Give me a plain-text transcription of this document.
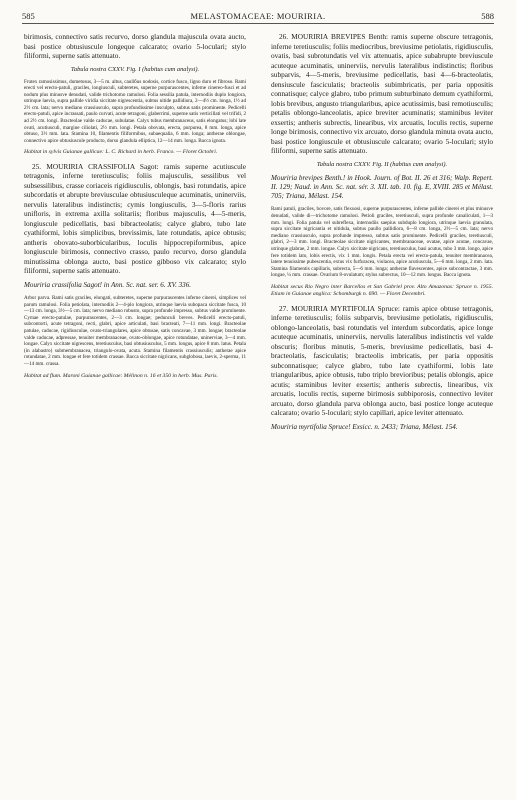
585	MELASTOMACEAE: MOURIRIA.	588

birimosis, connectivo satis recurvo, dorso glandula majuscula ovata aucto, basi postice obtusiuscule longeque calcarato; ovario 5-loculari; stylo filiformi, superne satis attenuato.

Tabula nostra CXXV. Fig. I (habitus cum analysi).

Frutex ramosissimus, dumetosus, 3—5 m. altus, cauliбus nodosis, cortice fusco, ligno duro et fibroso. Rami erecti vel erecto-patuli, graciles, longiusculi, subteretes, superne purpurascentes, inferne cinereo-fusci et ad nodum plus minusve denudati, valide trichotomo ramulosi. Folia sessilia patula, internodiis duplo longiora, utrinque laevia, supra pallide viridia siccitate nigrescentia, subtus nitide pallidiora, 2—4½ cm. longa, 1½ ad 2½ cm. lata; nervo mediano crassiusculo, supra profundissime insculpto, subtus satis prominente. Pedicelli erecto-patuli, apice incrassati, paulo curvati, acute tetragoni, glaberrimi, superne satis verticillati vel trifidi, 2 ad 2½ cm. longi. Bracteolae valde caducae, subulatae. Calyx tubus membranaceus, satis elongatus; lobi late ovati, acutiusculi, margine ciliolati, 2½ mm. longi. Petala obovata, erecta, purpurea, 8 mm. longa, apice obtuso, 3½ mm. lata. Stamina 10, filamentis filiformibus, subaequalia, 6 mm. longa; antherae oblongae, connectivo apice obtusiuscule producto, dorso glandula elliptica, 12—14 mm. longa. Bacca ignota.

Habitat in sylvis Guianae gallicae: L. C. Richard in herb. Franco. — Floret Octobri.

25. MOURIRIA CRASSIFOLIA Sagot: ramis superne acutiuscule tetragonis, inferne teretiusculis; foliis majusculis, sessilibus vel subsessilibus, crasse coriaceis rigidiusculis, oblongis, basi rotundatis, apice subcordatis et abrupte breviusculae obtusiusculeque acuminatis, uninerviis, nervulis lateralibus indistinctis; cymis longiusculis, 3—5-floris rarius unifloris, in extrema axilla solitariis; floribus majusculis, 4—5-meris, longiuscule pedicellatis, basi bibracteolatis; calyce glabro, tubo late cyathiformi, lobis simplicibus, brevissimis, late rotundatis, apice obtusis; antheris obovato-suborbicularibus, loculis hippocrepiformibus, apice longiuscule birimosis, connectivo crasso, paulo recurvo, dorso glandula minutissima oblonga aucto, basi postice gibboso vix calcarato; stylo filiformi, superne satis attenuato.

Mouriria crassifolia Sagot! in Ann. Sc. nat. ser. 6. XV. 336.

Arbor parva. Rami satis graciles, elongati, subteretes, superne purpurascentes inferne cinerei, simplices vel parum ramulosi. Folia petiolata, internodiis 2—4-plo longiora, utrinque laevia subopaca siccitate fusca, 10—13 cm. longa, 3½—5 cm. lata; nervo mediano robusto, supra profunde impresso, subtus valde prominente. Cymae erecto-patulae, purpurascentes, 2—3 cm. longae; pedunculi breves. Pedicelli erecto-patuli, subcontorti, acute tetragoni, recti, glabri, apice articulati, basi bracteati, 7—11 mm. longi. Bracteolae patulae, caducae, rigidiusculae, ovato-triangulares, apice obtusae, satis concavae, 3 mm. longae; bracteolae valde caducae, adpressae, tenuiter membranaceae, ovato-oblongae, apice rotundatae, uninerviae, 3—4 mm. longae. Calyx siccitate nigrescens, teretiusculus, basi obtusiusculus, 5 mm. longus, apice 8 mm. latus. Petala (in alabastro) submembranacea, triangulo-ovata, acuta. Stamina filamentis crassiusculis; antherae apice rotundatae, 2 mm. longae et fere totidem crassae. Bacca siccitate nigricans, subglobosa, laevis, 2-sperma, 11—14 mm. crassa.

Habitat ad flum. Maroni Guianae gallicae: Mélinon n. 16 et 350 in herb. Mus. Paris.

26. MOURIRIA BREVIPES Benth: ramis superne obscure tetragonis, inferne teretiusculis; foliis mediocribus, breviusime petiolatis, rigidiusculis, ovatis, basi subrotundatis vel vix attenuatis, apice subabrupte breviuscule acuteque acuminatis, uninerviis, nervulis lateralibus indistinctis; floribus subparvis, 4—5-meris, breviusime pedicellatis, basi 4—6-bracteolatis, densiuscule fasciculatis; bracteolis subimbricatis, per paria oppositis connatisque; calyce glabro, tubo primum subturbinato demum cyathiformi, lobis brevibus, angusto triangularibus, apice acutissimis, basi remotiusculis; petalis oblongo-lanceolatis, apice breviter acuminatis; staminibus leviter exsertis; antheris subrectis, linearibus, vix arcuatis, loculis rectis, superne longe birimosis, connectivo vix arcuato, dorso glandula minuta ovata aucto, basi postice longiuscule et obtusiuscule calcarato; ovario 5-loculari; stylo filiformi, superne satis attenuato.

Tabula nostra CXXV. Fig. II (habitus cum analysi).

Mouriria brevipes Benth.! in Hook. Journ. of Bot. II. 26 et 316; Walp. Repert. II. 129; Naud. in Ann. Sc. nat. sér. 3. XII. tab. 10. fig. E, XVIII. 285 et Mélast. 705; Triana, Mélast. 154.

Rami patuli, graciles, bovore, satis flexuosi, superne purpurascentes, inferne pallide cinerei et plus minusve denudati, valide di—trichotome ramulosi. Petioli graciles, teretiusculi, supra profunde canaliculati, 1—3 mm. longi. Folia patula vel subreflexa, internodiis saepius subduplo longiora, utrinque laevia granulata, supra siccitate nigricantia et nitidula, subtus paullo pallidiora, 6—8 cm. longa, 2½—5 cm. lata; nervo mediano crassiusculo, supra profunde impresso, subtus satis prominente. Pedicelli graciles, teretiusculi, glabri, 2—3 mm. longi. Bracteolae siccitate nigricantes, membranaceae, ovatae, apice acutae, concavae, utrinque glabrae, 2 mm. longae. Calyx siccitate nigricans, teretiusculus, basi acutus, tubo 3 mm. longo, apice fere totidem lato, lobis erectis, vix 1 mm. longis. Petala erecta vel erecto-patula, tenuiter membranacea, latere tenuissime pubescentia, extus vix furfuracea, violacea, apice acutiuscula, 5—6 mm. longa, 2 mm. lata. Stamina filamentis capillaris, subrecta, 5—6 mm. longa; antherae flavescentes, apice subcontractae, 3 mm. longae, ¼ mm. crassae. Ovarium 8-ovulatum; stylus subrectus, 10—12 mm. longus. Bacca ignota.

Habitat secus Rio Negro inter Barcellos et San Gabriel prov. Alto Amazonas: Spruce n. 1955. Etiam in Guianae anglica: Schomburgk n. 690. — Floret Decembri.

27. MOURIRIA MYRTIFOLIA Spruce: ramis apice obtuse tetragonis, inferne teretiusculis; foliis subparvis, breviusime petiolatis, rigidiusculis, oblongo-lanceolatis, basi rotundatis vel interdum subcordatis, apice longe acuteque acuminatis, uninerviis, nervulis lateralibus indistinctis vel valde obscuris; floribus minutis, 5-meris, breviusime pedicellatis, basi 4-bracteolatis, fasciculatis; bracteolis imbricatis, per paria oppositis subconnatisque; calyce glabro, tubo late cyathiformi, lobis late triangularibus, apice obtusis, tubo triplo brevioribus; petalis oblongis, apice acutis; staminibus leviter exsertis; antheris subrectis, linearibus, vix arcuatis, loculis rectis, superne birimosis subbiporosis, connectivo leviter arcuato, dorso glandula parva oblonga aucto, basi postice longe acuteque calcarato; ovario 5-loculari; stylo capillari, apice leviter attenuato.

Mouriria myrtifolia Spruce! Exsicc. n. 2433; Triana, Mélast. 154.
